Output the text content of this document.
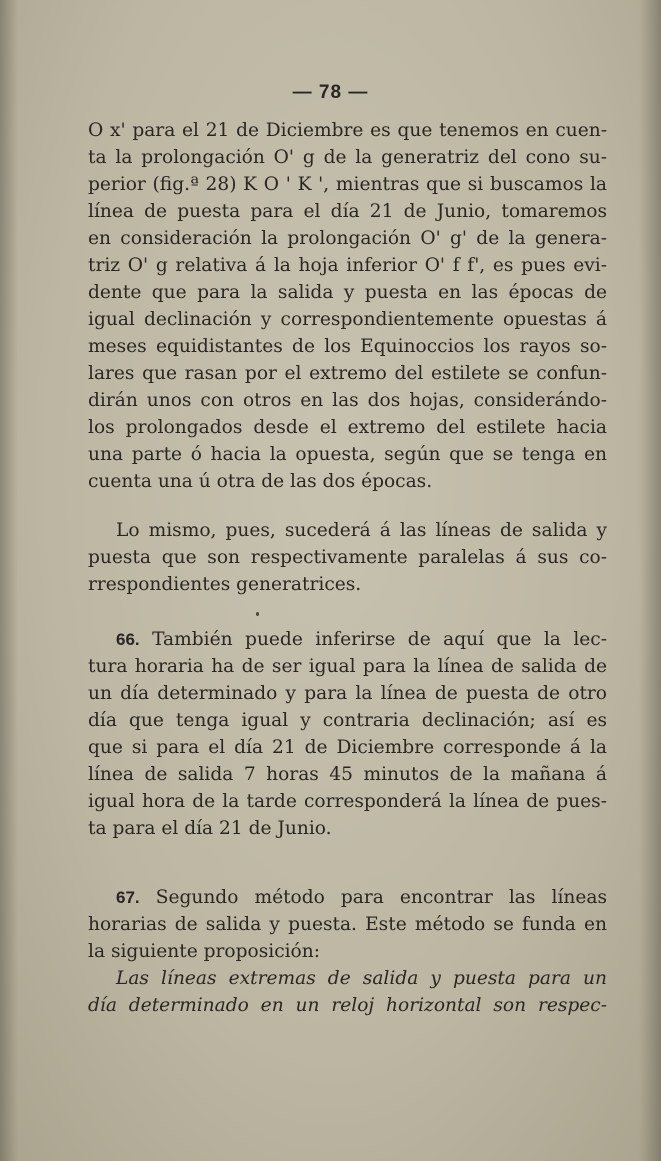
— 78 —
O x' para el 21 de Diciembre es que tenemos en cuen-
ta la prolongación O' g de la generatriz del cono su-
perior (fig.ª 28) K O ' K ', mientras que si buscamos la
línea de puesta para el día 21 de Junio, tomaremos
en consideración la prolongación O' g' de la genera-
triz O' g relativa á la hoja inferior O' f f', es pues evi-
dente que para la salida y puesta en las épocas de
igual declinación y correspondientemente opuestas á
meses equidistantes de los Equinoccios los rayos so-
lares que rasan por el extremo del estilete se confun-
dirán unos con otros en las dos hojas, considerándo-
los prolongados desde el extremo del estilete hacia
una parte ó hacia la opuesta, según que se tenga en
cuenta una ú otra de las dos épocas.
Lo mismo, pues, sucederá á las líneas de salida y
puesta que son respectivamente paralelas á sus co-
rrespondientes generatrices.
66. También puede inferirse de aquí que la lec-
tura horaria ha de ser igual para la línea de salida de
un día determinado y para la línea de puesta de otro
día que tenga igual y contraria declinación; así es
que si para el día 21 de Diciembre corresponde á la
línea de salida 7 horas 45 minutos de la mañana á
igual hora de la tarde corresponderá la línea de pues-
ta para el día 21 de Junio.
67. Segundo método para encontrar las líneas
horarias de salida y puesta. Este método se funda en
la siguiente proposición:
Las líneas extremas de salida y puesta para un
día determinado en un reloj horizontal son respec-
